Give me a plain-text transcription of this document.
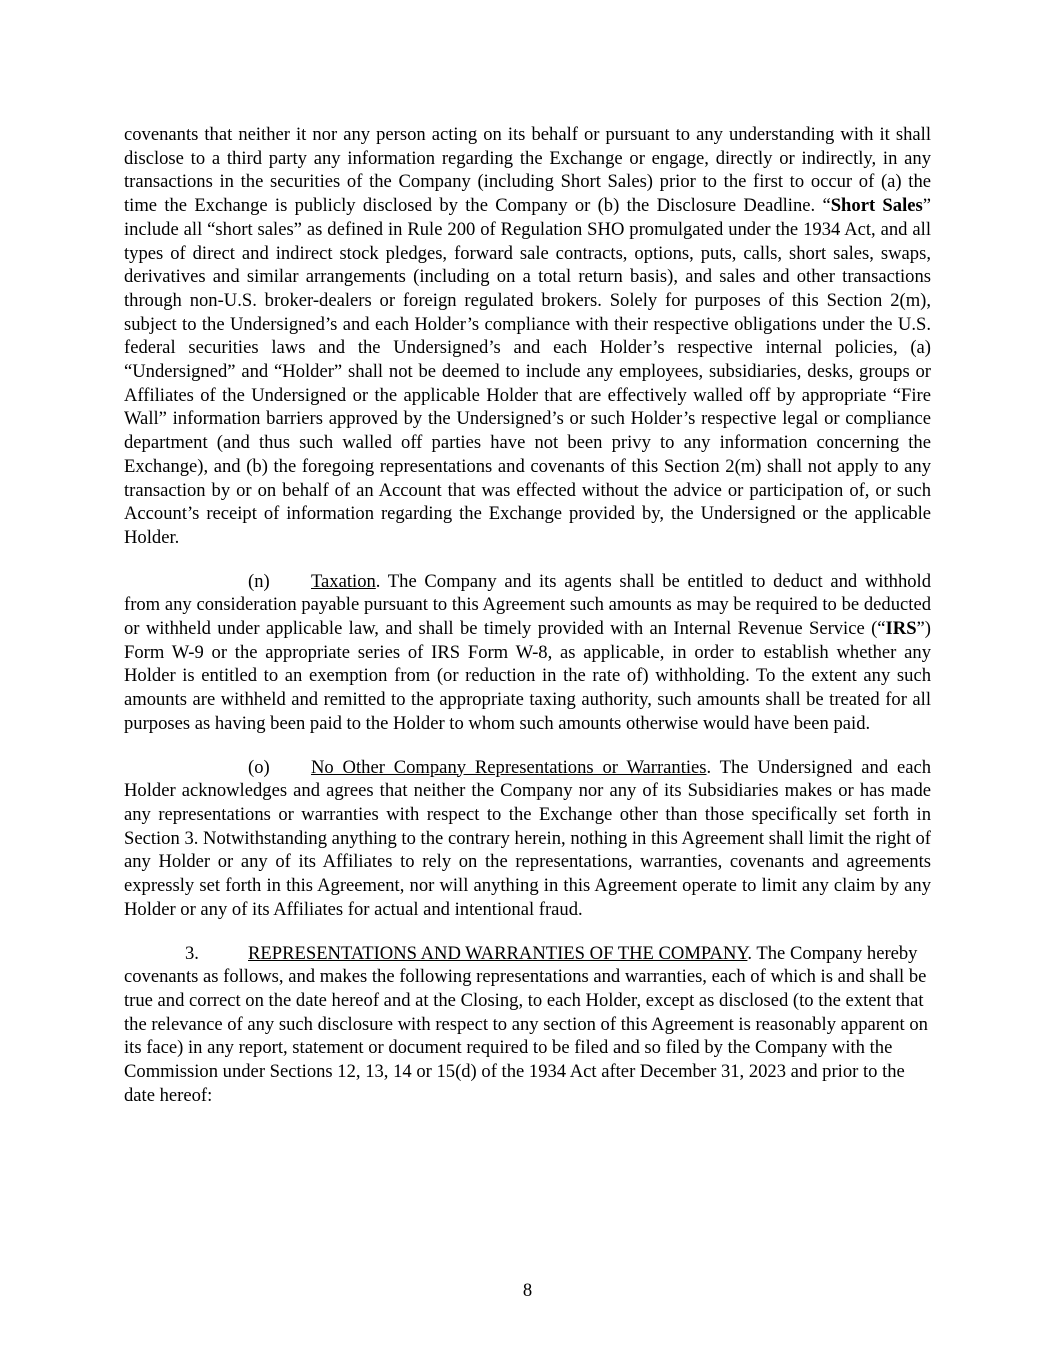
covenants that neither it nor any person acting on its behalf or pursuant to any understanding with it shall disclose to a third party any information regarding the Exchange or engage, directly or indirectly, in any transactions in the securities of the Company (including Short Sales) prior to the first to occur of (a) the time the Exchange is publicly disclosed by the Company or (b) the Disclosure Deadline. “Short Sales” include all “short sales” as defined in Rule 200 of Regulation SHO promulgated under the 1934 Act, and all types of direct and indirect stock pledges, forward sale contracts, options, puts, calls, short sales, swaps, derivatives and similar arrangements (including on a total return basis), and sales and other transactions through non-U.S. broker-dealers or foreign regulated brokers. Solely for purposes of this Section 2(m), subject to the Undersigned’s and each Holder’s compliance with their respective obligations under the U.S. federal securities laws and the Undersigned’s and each Holder’s respective internal policies, (a) “Undersigned” and “Holder” shall not be deemed to include any employees, subsidiaries, desks, groups or Affiliates of the Undersigned or the applicable Holder that are effectively walled off by appropriate “Fire Wall” information barriers approved by the Undersigned’s or such Holder’s respective legal or compliance department (and thus such walled off parties have not been privy to any information concerning the Exchange), and (b) the foregoing representations and covenants of this Section 2(m) shall not apply to any transaction by or on behalf of an Account that was effected without the advice or participation of, or such Account’s receipt of information regarding the Exchange provided by, the Undersigned or the applicable Holder.

(n) Taxation. The Company and its agents shall be entitled to deduct and withhold from any consideration payable pursuant to this Agreement such amounts as may be required to be deducted or withheld under applicable law, and shall be timely provided with an Internal Revenue Service (“IRS”) Form W-9 or the appropriate series of IRS Form W-8, as applicable, in order to establish whether any Holder is entitled to an exemption from (or reduction in the rate of) withholding. To the extent any such amounts are withheld and remitted to the appropriate taxing authority, such amounts shall be treated for all purposes as having been paid to the Holder to whom such amounts otherwise would have been paid.

(o) No Other Company Representations or Warranties. The Undersigned and each Holder acknowledges and agrees that neither the Company nor any of its Subsidiaries makes or has made any representations or warranties with respect to the Exchange other than those specifically set forth in Section 3. Notwithstanding anything to the contrary herein, nothing in this Agreement shall limit the right of any Holder or any of its Affiliates to rely on the representations, warranties, covenants and agreements expressly set forth in this Agreement, nor will anything in this Agreement operate to limit any claim by any Holder or any of its Affiliates for actual and intentional fraud.

3.	REPRESENTATIONS AND WARRANTIES OF THE COMPANY. The Company hereby covenants as follows, and makes the following representations and warranties, each of which is and shall be true and correct on the date hereof and at the Closing, to each Holder, except as disclosed (to the extent that the relevance of any such disclosure with respect to any section of this Agreement is reasonably apparent on its face) in any report, statement or document required to be filed and so filed by the Company with the Commission under Sections 12, 13, 14 or 15(d) of the 1934 Act after December 31, 2023 and prior to the date hereof:

8
